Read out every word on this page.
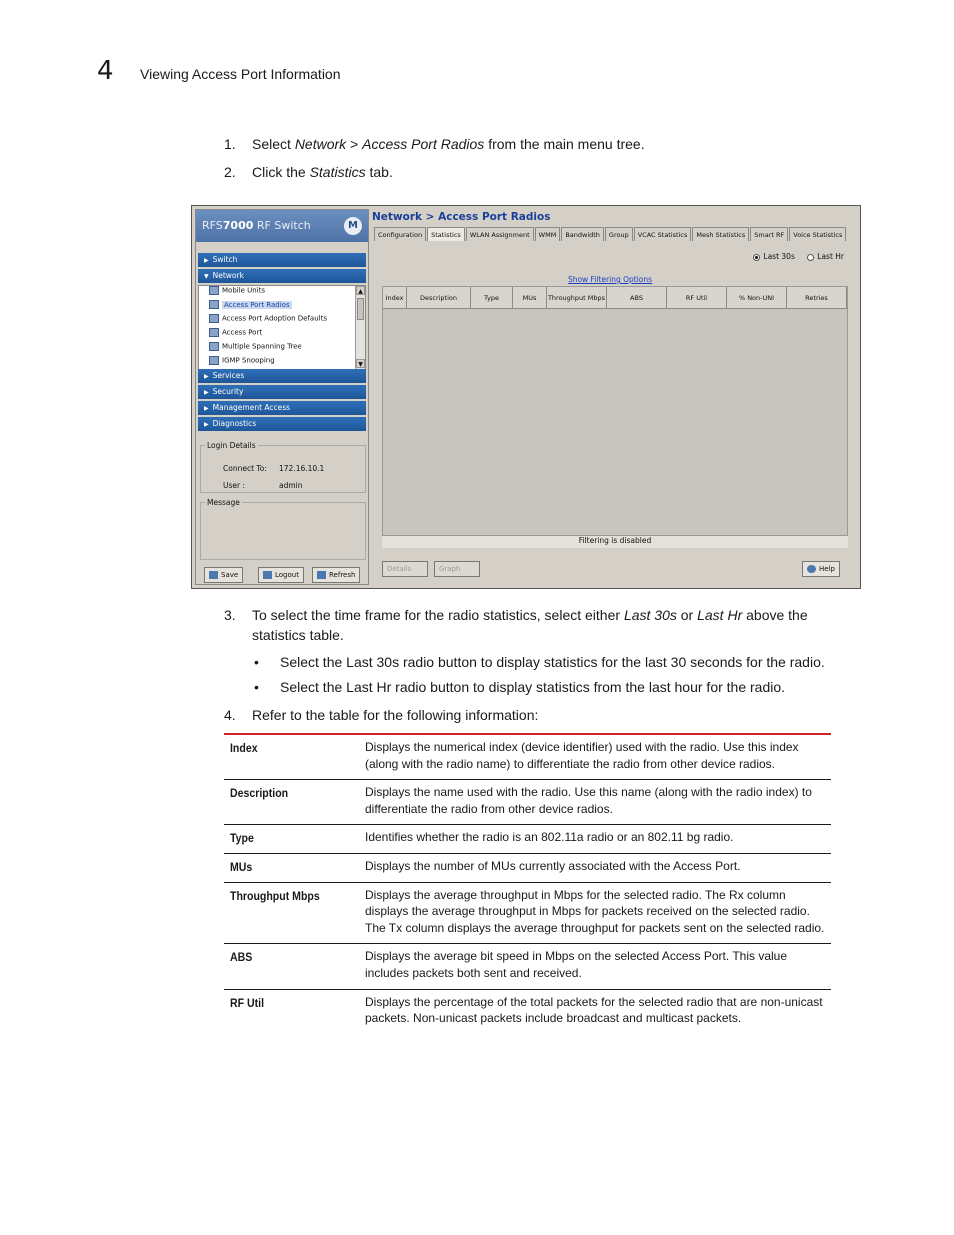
4 Viewing Access Port Information
1. Select Network > Access Port Radios from the main menu tree.
2. Click the Statistics tab.
RFS7000 RF Switch	M
▶ Switch
▼ Network
Mobile Units
Access Port Radios
Access Port Adoption Defaults
Access Port
Multiple Spanning Tree
IGMP Snooping
▲
▼
▶ Services
▶ Security
▶ Management Access
▶ Diagnostics
Login Details
Connect To: 172.16.10.1
User :	admin
Message
Save	Logout	Refresh
Network > Access Port Radios
Configuration Statistics WLAN Assignment WMM Bandwidth Group VCAC Statistics Mesh Statistics Smart RF Voice Statistics
Last 30s	Last Hr
Show Filtering Options
Index	Description	Type	MUs	Throughput Mbps	ABS	RF Util	% Non-UNI	Retries
Filtering is disabled
Details	Graph	Help
3. To select the time frame for the radio statistics, select either Last 30s or Last Hr above the statistics table.
• Select the Last 30s radio button to display statistics for the last 30 seconds for the radio.
• Select the Last Hr radio button to display statistics from the last hour for the radio.
4. Refer to the table for the following information:
Index	Displays the numerical index (device identifier) used with the radio. Use this index (along with the radio name) to differentiate the radio from other device radios.
Description	Displays the name used with the radio. Use this name (along with the radio index) to differentiate the radio from other device radios.
Type	Identifies whether the radio is an 802.11a radio or an 802.11 bg radio.
MUs	Displays the number of MUs currently associated with the Access Port.
Throughput Mbps	Displays the average throughput in Mbps for the selected radio. The Rx column displays the average throughput in Mbps for packets received on the selected radio. The Tx column displays the average throughput for packets sent on the selected radio.
ABS	Displays the average bit speed in Mbps on the selected Access Port. This value includes packets both sent and received.
RF Util	Displays the percentage of the total packets for the selected radio that are non-unicast packets. Non-unicast packets include broadcast and multicast packets.
